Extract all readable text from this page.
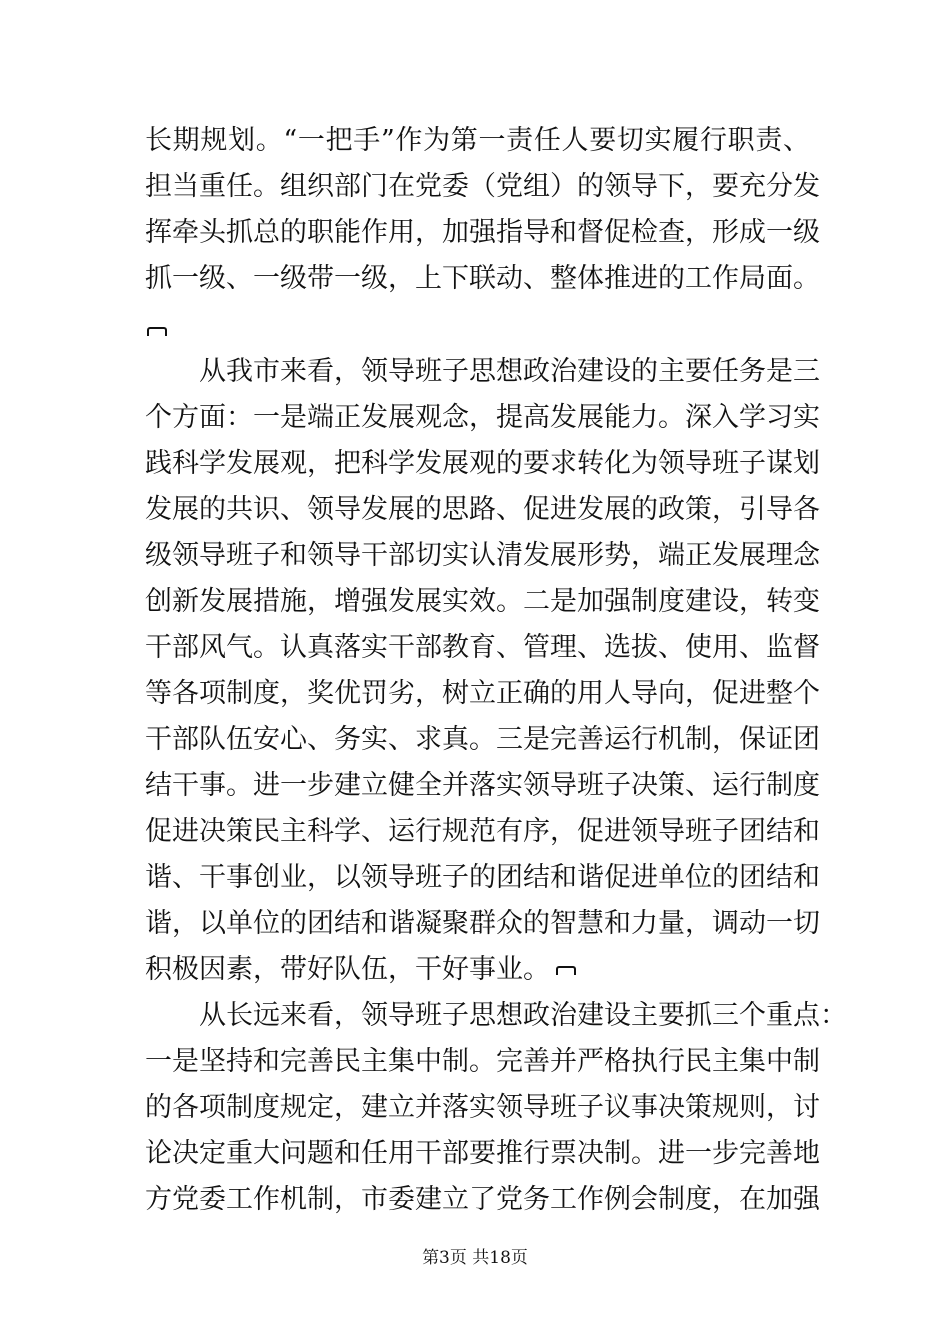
长期规划。“一把手”作为第一责任人要切实履行职责、
担当重任。组织部门在党委（党组）的领导下，要充分发
挥牵头抓总的职能作用，加强指导和督促检查，形成一级
抓一级、一级带一级，上下联动、整体推进的工作局面。
从我市来看，领导班子思想政治建设的主要任务是三
个方面：一是端正发展观念，提高发展能力。深入学习实
践科学发展观，把科学发展观的要求转化为领导班子谋划
发展的共识、领导发展的思路、促进发展的政策，引导各
级领导班子和领导干部切实认清发展形势，端正发展理念
创新发展措施，增强发展实效。二是加强制度建设，转变
干部风气。认真落实干部教育、管理、选拔、使用、监督
等各项制度，奖优罚劣，树立正确的用人导向，促进整个
干部队伍安心、务实、求真。三是完善运行机制，保证团
结干事。进一步建立健全并落实领导班子决策、运行制度
促进决策民主科学、运行规范有序，促进领导班子团结和
谐、干事创业，以领导班子的团结和谐促进单位的团结和
谐，以单位的团结和谐凝聚群众的智慧和力量，调动一切
积极因素，带好队伍，干好事业。
从长远来看，领导班子思想政治建设主要抓三个重点：
一是坚持和完善民主集中制。完善并严格执行民主集中制
的各项制度规定，建立并落实领导班子议事决策规则，讨
论决定重大问题和任用干部要推行票决制。进一步完善地
方党委工作机制，市委建立了党务工作例会制度，在加强
第3页 共18页
